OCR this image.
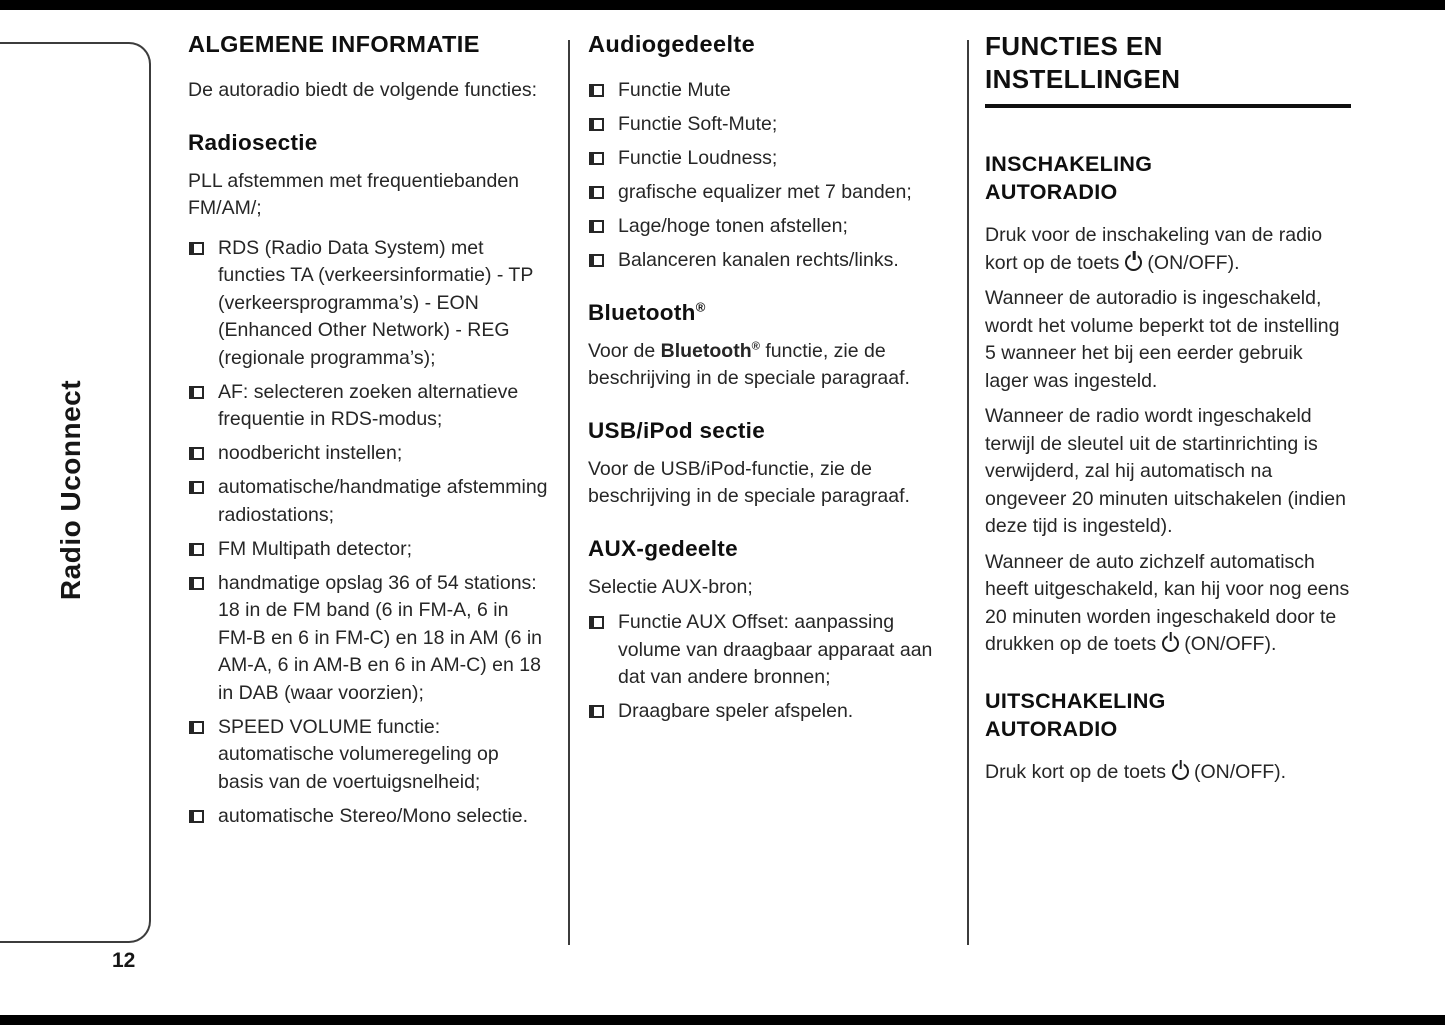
Radio Uconnect
12
ALGEMENE INFORMATIE

De autoradio biedt de volgende functies:

Radiosectie

PLL afstemmen met frequentiebanden FM/AM/;

RDS (Radio Data System) met functies TA (verkeersinformatie) - TP (verkeersprogramma’s) - EON (Enhanced Other Network) - REG (regionale programma’s);
AF: selecteren zoeken alternatieve frequentie in RDS-modus;
noodbericht instellen;
automatische/handmatige afstemming radiostations;
FM Multipath detector;
handmatige opslag 36 of 54 stations: 18 in de FM band (6 in FM-A, 6 in FM-B en 6 in FM-C) en 18 in AM (6 in AM-A, 6 in AM-B en 6 in AM-C) en 18 in DAB (waar voorzien);
SPEED VOLUME functie: automatische volumeregeling op basis van de voertuigsnelheid;
automatische Stereo/Mono selectie.
Audiogedeelte
Functie Mute
Functie Soft-Mute;
Functie Loudness;
grafische equalizer met 7 banden;
Lage/hoge tonen afstellen;
Balanceren kanalen rechts/links.
Bluetooth®

Voor de Bluetooth® functie, zie de beschrijving in de speciale paragraaf.

USB/iPod sectie

Voor de USB/iPod-functie, zie de beschrijving in de speciale paragraaf.

AUX-gedeelte

Selectie AUX-bron;

Functie AUX Offset: aanpassing volume van draagbaar apparaat aan dat van andere bronnen;
Draagbare speler afspelen.
FUNCTIES EN
INSTELLINGEN
INSCHAKELING
AUTORADIO

Druk voor de inschakeling van de radio kort op de toets (ON/OFF).

Wanneer de autoradio is ingeschakeld, wordt het volume beperkt tot de instelling 5 wanneer het bij een eerder gebruik lager was ingesteld.

Wanneer de radio wordt ingeschakeld terwijl de sleutel uit de startinrichting is verwijderd, zal hij automatisch na ongeveer 20 minuten uitschakelen (indien deze tijd is ingesteld).

Wanneer de auto zichzelf automatisch heeft uitgeschakeld, kan hij voor nog eens 20 minuten worden ingeschakeld door te drukken op de toets (ON/OFF).

UITSCHAKELING
AUTORADIO

Druk kort op de toets (ON/OFF).
